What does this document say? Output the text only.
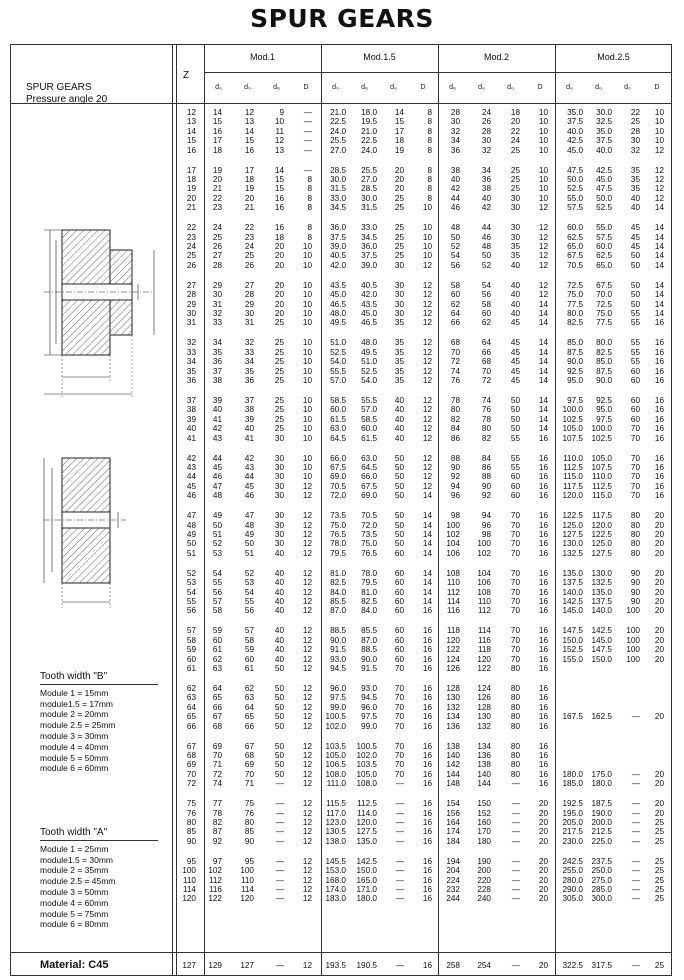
SPUR GEARS
Z
Mod.1	Mod.1.5	Mod.2	Mod.2.5
d₀	d₀	d₀	D	d₀	d₀	d₀	D	d₀	d₀	d₀	D	d₀	d₀	d₀	D
SPUR GEARS
Pressure angle 20
Tooth width "B"
Module 1 = 15mm
module1.5 = 17mm
module 2 = 20mm
module 2.5 = 25mm
module 3 = 30mm
module 4 = 40mm
module 5 = 50mm
module 6 = 60mm
Tooth width "A"
Module 1 = 25mm
module1.5 = 30mm
module 2 = 35mm
module 2.5 = 45mm
module 3 = 50mm
module 4 = 60mm
module 5 = 75mm
module 6 = 80mm
Material: C45
12	14	12	9	—	21.0	18.0	14	8	28	24	18	10	35.0	30.0	22	10
13	15	13	10	—	22.5	19.5	15	8	30	26	20	10	37.5	32.5	25	10
14	16	14	11	—	24.0	21.0	17	8	32	28	22	10	40.0	35.0	28	10
15	17	15	12	—	25.5	22.5	18	8	34	30	24	10	42.5	37.5	30	10
16	18	16	13	—	27.0	24.0	19	8	36	32	25	10	45.0	40.0	32	12
17	19	17	14	—	28.5	25.5	20	8	38	34	25	10	47.5	42.5	35	12
18	20	18	15	8	30.0	27.0	20	8	40	36	25	10	50.0	45.0	35	12
19	21	19	15	8	31.5	28.5	20	8	42	38	25	10	52.5	47.5	35	12
20	22	20	16	8	33.0	30.0	25	8	44	40	30	10	55.0	50.0	40	12
21	23	21	16	8	34.5	31.5	25	10	46	42	30	12	57.5	52.5	40	14
22	24	22	16	8	36.0	33.0	25	10	48	44	30	12	60.0	55.0	45	14
23	25	23	18	8	37.5	34.5	25	10	50	46	30	12	62.5	57.5	45	14
24	26	24	20	10	39.0	36.0	25	10	52	48	35	12	65.0	60.0	45	14
25	27	25	20	10	40.5	37.5	25	10	54	50	35	12	67.5	62.5	50	14
26	28	26	20	10	42.0	39.0	30	12	56	52	40	12	70.5	65.0	50	14
27	29	27	20	10	43.5	40.5	30	12	58	54	40	12	72.5	67.5	50	14
28	30	28	20	10	45.0	42.0	30	12	60	56	40	12	75.0	70.0	50	14
29	31	29	20	10	46.5	43.5	30	12	62	58	40	14	77.5	72.5	50	14
30	32	30	20	10	48.0	45.0	30	12	64	60	40	14	80.0	75.0	55	14
31	33	31	25	10	49.5	46.5	35	12	66	62	45	14	82.5	77.5	55	16
32	34	32	25	10	51.0	48.0	35	12	68	64	45	14	85.0	80.0	55	16
33	35	33	25	10	52.5	49.5	35	12	70	66	45	14	87.5	82.5	55	16
34	36	34	25	10	54.0	51.0	35	12	72	68	45	14	90.0	85.0	55	16
35	37	35	25	10	55.5	52.5	35	12	74	70	45	14	92.5	87.5	60	16
36	38	36	25	10	57.0	54.0	35	12	76	72	45	14	95.0	90.0	60	16
37	39	37	25	10	58.5	55.5	40	12	78	74	50	14	97.5	92.5	60	16
38	40	38	25	10	60.0	57.0	40	12	80	76	50	14	100.0	95.0	60	16
39	41	39	25	10	61.5	58.5	40	12	82	78	50	14	102.5	97.5	60	16
40	42	40	25	10	63.0	60.0	40	12	84	80	50	14	105.0	100.0	70	16
41	43	41	30	10	64.5	61.5	40	12	86	82	55	16	107.5	102.5	70	16
42	44	42	30	10	66.0	63.0	50	12	88	84	55	16	110.0	105.0	70	16
43	45	43	30	10	67.5	64.5	50	12	90	86	55	16	112.5	107.5	70	16
44	46	44	30	10	69.0	66.0	50	12	92	88	60	16	115.0	110.0	70	16
45	47	45	30	12	70.5	67.5	50	12	94	90	60	16	117.5	112.5	70	16
46	48	46	30	12	72.0	69.0	50	14	96	92	60	16	120.0	115.0	70	16
47	49	47	30	12	73.5	70.5	50	14	98	94	70	16	122.5	117.5	80	20
48	50	48	30	12	75.0	72.0	50	14	100	96	70	16	125.0	120.0	80	20
49	51	49	30	12	76.5	73.5	50	14	102	98	70	16	127.5	122.5	80	20
50	52	50	30	12	78.0	75.0	50	14	104	100	70	16	130.0	125.0	80	20
51	53	51	40	12	79.5	76.5	60	14	106	102	70	16	132.5	127.5	80	20
52	54	52	40	12	81.0	78.0	60	14	108	104	70	16	135.0	130.0	90	20
53	55	53	40	12	82.5	79.5	60	14	110	106	70	16	137.5	132.5	90	20
54	56	54	40	12	84.0	81.0	60	14	112	108	70	16	140.0	135.0	90	20
55	57	55	40	12	85.5	82.5	60	14	114	110	70	16	142.5	137.5	90	20
56	58	56	40	12	87.0	84.0	60	16	116	112	70	16	145.0	140.0	100	20
57	59	57	40	12	88.5	85.5	60	16	118	114	70	16	147.5	142.5	100	20
58	60	58	40	12	90.0	87.0	60	16	120	116	70	16	150.0	145.0	100	20
59	61	59	40	12	91.5	88.5	60	16	122	118	70	16	152.5	147.5	100	20
60	62	60	40	12	93.0	90.0	60	16	124	120	70	16	155.0	150.0	100	20
61	63	61	50	12	94.5	91.5	70	16	126	122	80	16
62	64	62	50	12	96.0	93.0	70	16	128	124	80	16
63	65	63	50	12	97.5	94.5	70	16	130	126	80	16
64	66	64	50	12	99.0	96.0	70	16	132	128	80	16
65	67	65	50	12	100.5	97.5	70	16	134	130	80	16	167.5	162.5	—	20
66	68	66	50	12	102.0	99.0	70	16	136	132	80	16
67	69	67	50	12	103.5	100.5	70	16	138	134	80	16
68	70	68	50	12	105.0	102.0	70	16	140	136	80	16
69	71	69	50	12	106.5	103.5	70	16	142	138	80	16
70	72	70	50	12	108.0	105.0	70	16	144	140	80	16	180.0	175.0	—	20
72	74	71	—	12	111.0	108.0	—	16	148	144	—	16	185.0	180.0	—	20
75	77	75	—	12	115.5	112.5	—	16	154	150	—	20	192.5	187.5	—	20
76	78	76	—	12	117.0	114.0	—	16	156	152	—	20	195.0	190.0	—	20
80	82	80	—	12	123.0	120.0	—	16	164	160	—	20	205.0	200.0	—	25
85	87	85	—	12	130.5	127.5	—	16	174	170	—	20	217.5	212.5	—	25
90	92	90	—	12	138.0	135.0	—	16	184	180	—	20	230.0	225.0	—	25
95	97	95	—	12	145.5	142.5	—	16	194	190	—	20	242.5	237.5	—	25
100	102	100	—	12	153.0	150.0	—	16	204	200	—	20	255.0	250.0	—	25
110	112	110	—	12	168.0	165.0	—	16	224	220	—	20	280.0	275.0	—	25
114	116	114	—	12	174.0	171.0	—	16	232	228	—	20	290.0	285.0	—	25
120	122	120	—	12	183.0	180.0	—	16	244	240	—	20	305.0	300.0	—	25
127	129	127	—	12	193.5	190.5	—	16	258	254	—	20	322.5	317.5	—	25
